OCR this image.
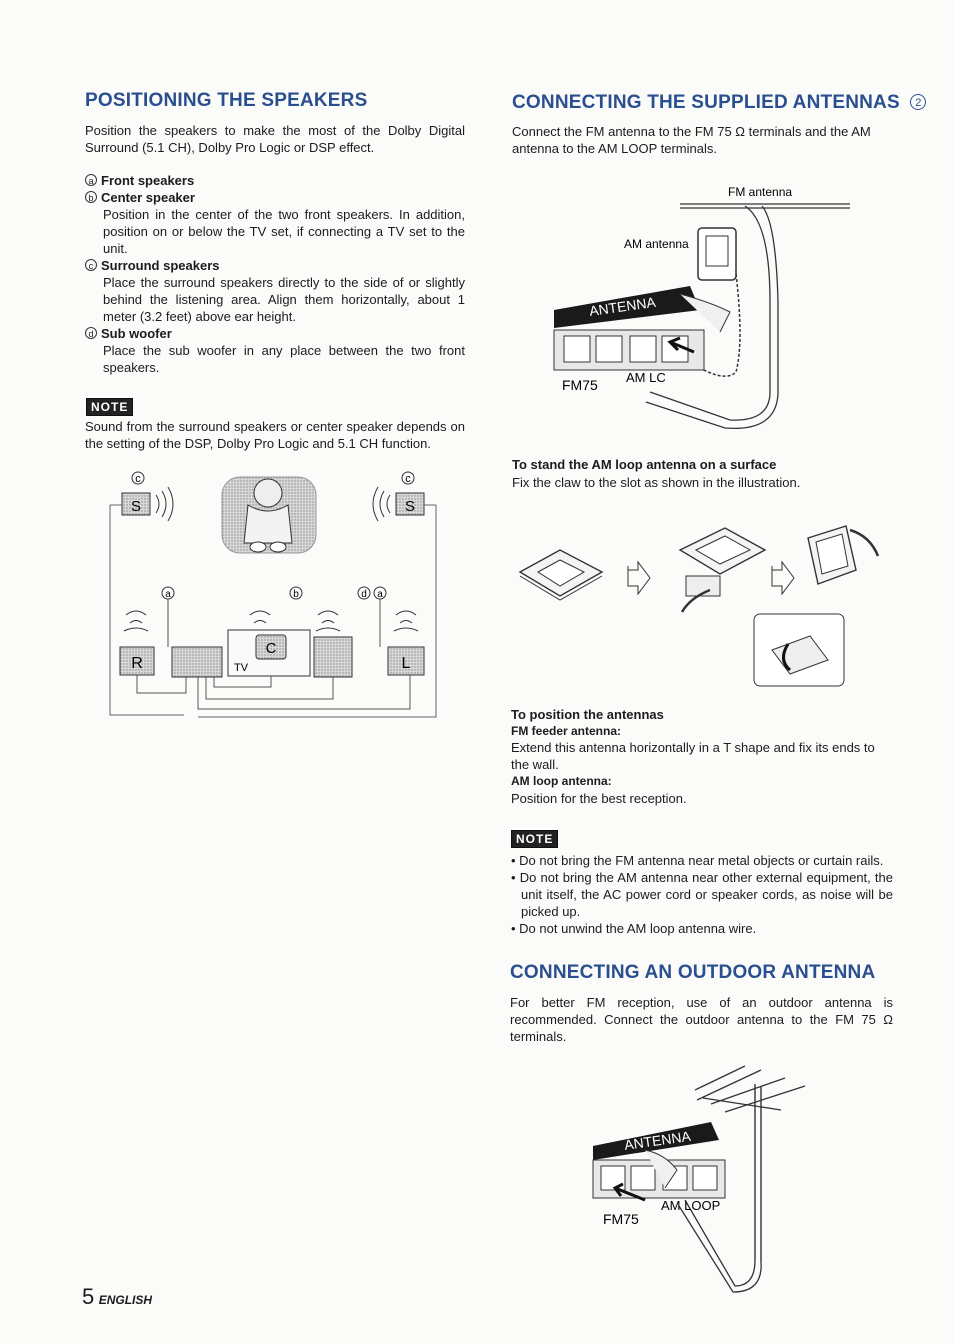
POSITIONING THE SPEAKERS

Position the speakers to make the most of the Dolby Digital Surround (5.1 CH), Dolby Pro Logic or DSP effect.

a Front speakers

b Center speaker

Position in the center of the two front speakers. In addition, position on or below the TV set, if connecting a TV set to the unit.

c Surround speakers

Place the surround speakers directly to the side of or slightly behind the listening area. Align them horizontally, about 1 meter (3.2 feet) above ear height.

d Sub woofer

Place the sub woofer in any place between the two front speakers.

NOTE

Sound from the surround speakers or center speaker depends on the setting of the DSP, Dolby Pro Logic and 5.1 CH function.

c
S
c
S
a	b	d a
R	TV
C
L
CONNECTING THE SUPPLIED ANTENNAS 2

Connect the FM antenna to the FM 75 Ω terminals and the AM antenna to the AM LOOP terminals.

FM antenna
AM antenna
ANTENNA
FM75 AM LC

To stand the AM loop antenna on a surface

Fix the claw to the slot as shown in the illustration.

To position the antennas

FM feeder antenna:

Extend this antenna horizontally in a T shape and fix its ends to the wall.

AM loop antenna:

Position for the best reception.

NOTE
• Do not bring the FM antenna near metal objects or curtain rails.
• Do not bring the AM antenna near other external equipment, the unit itself, the AC power cord or speaker cords, as noise will be picked up.
• Do not unwind the AM loop antenna wire.
CONNECTING AN OUTDOOR ANTENNA

For better FM reception, use of an outdoor antenna is recommended. Connect the outdoor antenna to the FM 75 Ω terminals.

ANTENNA
FM75
AM LOOP
5 ENGLISH
